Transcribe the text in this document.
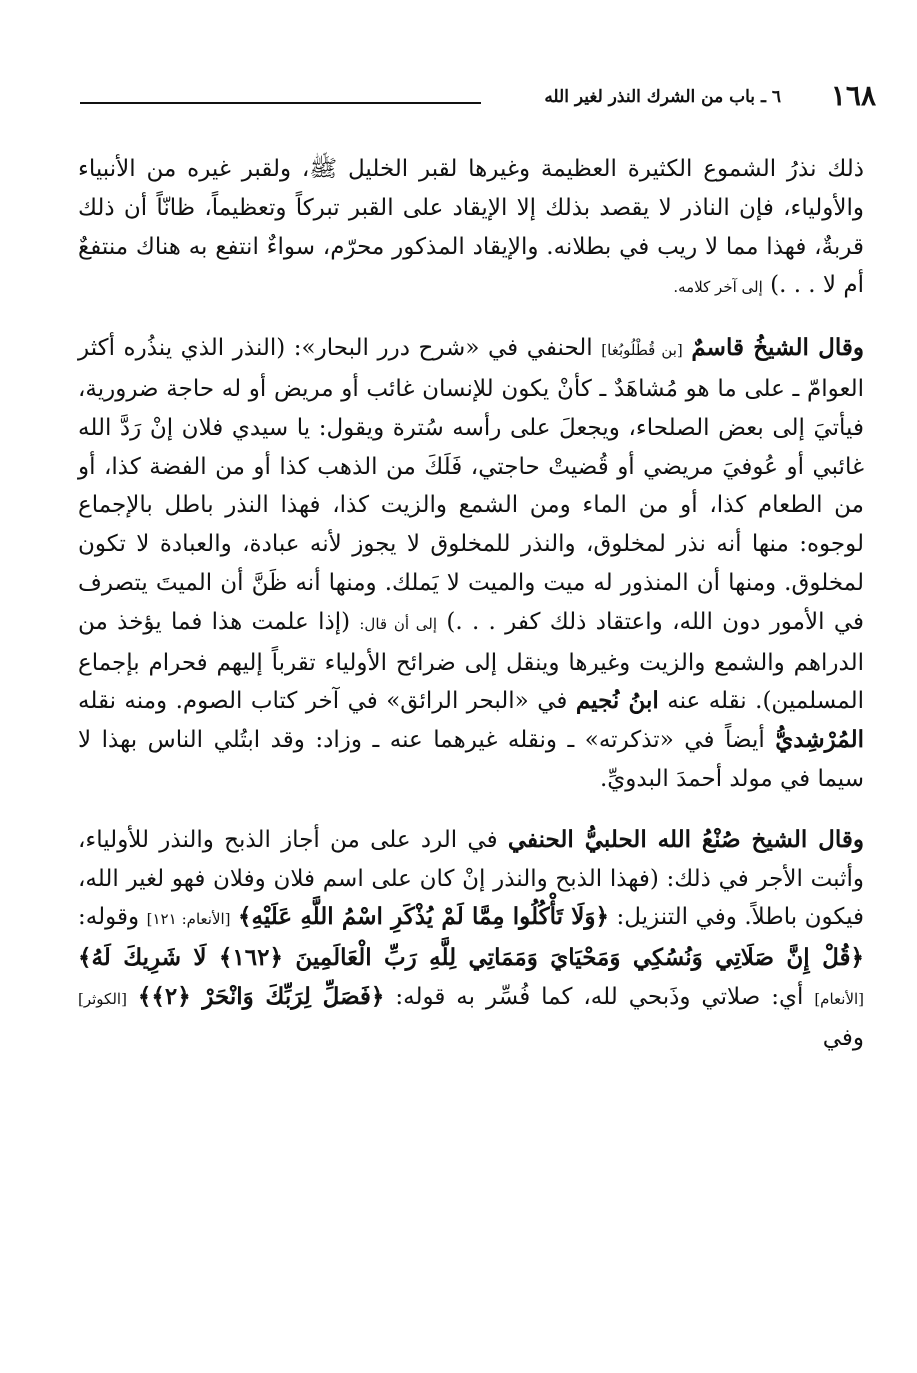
١٦٨
٦ ـ باب من الشرك النذر لغير الله

ذلك نذرُ الشموع الكثيرة العظيمة وغيرها لقبر الخليل ﷺ، ولقبر غيره من الأنبياء والأولياء، فإن الناذر لا يقصد بذلك إلا الإيقاد على القبر تبركاً وتعظيماً، ظانّاً أن ذلك قربةٌ، فهذا مما لا ريب في بطلانه. والإيقاد المذكور محرّم، سواءٌ انتفع به هناك منتفعٌ أم لا . . .) إلى آخر كلامه.

وقال الشيخُ قاسمٌ [بن قُطْلُوبُغا] الحنفي في «شرح درر البحار»: (النذر الذي ينذُره أكثر العوامّ ـ على ما هو مُشاهَدٌ ـ كأنْ يكون للإنسان غائب أو مريض أو له حاجة ضرورية، فيأتيَ إلى بعض الصلحاء، ويجعلَ على رأسه سُترة ويقول: يا سيدي فلان إنْ رَدَّ الله غائبي أو عُوفيَ مريضي أو قُضيتْ حاجتي، فَلَكَ من الذهب كذا أو من الفضة كذا، أو من الطعام كذا، أو من الماء ومن الشمع والزيت كذا، فهذا النذر باطل بالإجماع لوجوه: منها أنه نذر لمخلوق، والنذر للمخلوق لا يجوز لأنه عبادة، والعبادة لا تكون لمخلوق. ومنها أن المنذور له ميت والميت لا يَملك. ومنها أنه ظَنَّ أن الميتَ يتصرف في الأمور دون الله، واعتقاد ذلك كفر . . .) إلى أن قال: (إذا علمت هذا فما يؤخذ من الدراهم والشمع والزيت وغيرها وينقل إلى ضرائح الأولياء تقرباً إليهم فحرام بإجماع المسلمين). نقله عنه ابنُ نُجيم في «البحر الرائق» في آخر كتاب الصوم. ومنه نقله المُرْشِديُّ أيضاً في «تذكرته» ـ ونقله غيرهما عنه ـ وزاد: وقد ابتُلي الناس بهذا لا سيما في مولد أحمدَ البدويِّ.

وقال الشيخ صُنْعُ الله الحلبيُّ الحنفي في الرد على من أجاز الذبح والنذر للأولياء، وأثبت الأجر في ذلك: (فهذا الذبح والنذر إنْ كان على اسم فلان وفلان فهو لغير الله، فيكون باطلاً. وفي التنزيل: ﴿وَلَا تَأْكُلُوا مِمَّا لَمْ يُذْكَرِ اسْمُ اللَّهِ عَلَيْهِ﴾ [الأنعام: ١٢١] وقوله: ﴿قُلْ إِنَّ صَلَاتِي وَنُسُكِي وَمَحْيَايَ وَمَمَاتِي لِلَّهِ رَبِّ الْعَالَمِينَ ﴿١٦٢﴾ لَا شَرِيكَ لَهُ﴾ [الأنعام] أي: صلاتي وذَبحي لله، كما فُسِّر به قوله: ﴿فَصَلِّ لِرَبِّكَ وَانْحَرْ ﴿٢﴾﴾ [الكوثر] وفي
